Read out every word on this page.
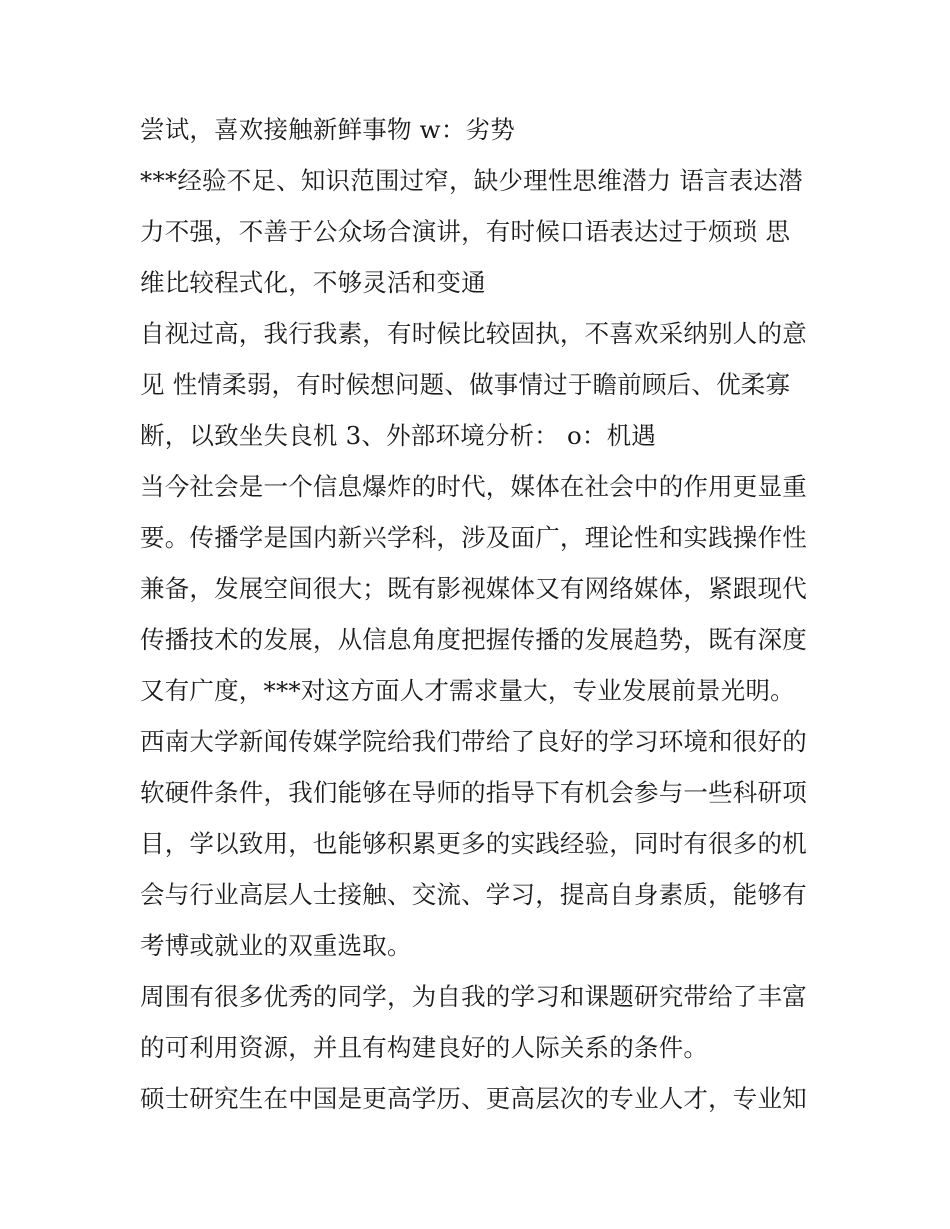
尝试，喜欢接触新鲜事物 w：劣势

***经验不足、知识范围过窄，缺少理性思维潜力 语言表达潜
力不强，不善于公众场合演讲，有时候口语表达过于烦琐 思
维比较程式化，不够灵活和变通

自视过高，我行我素，有时候比较固执，不喜欢采纳别人的意
见 性情柔弱，有时候想问题、做事情过于瞻前顾后、优柔寡
断，以致坐失良机 3、外部环境分析： o：机遇

当今社会是一个信息爆炸的时代，媒体在社会中的作用更显重
要。传播学是国内新兴学科，涉及面广，理论性和实践操作性
兼备，发展空间很大；既有影视媒体又有网络媒体，紧跟现代
传播技术的发展，从信息角度把握传播的发展趋势，既有深度
又有广度，***对这方面人才需求量大，专业发展前景光明。

西南大学新闻传媒学院给我们带给了良好的学习环境和很好的
软硬件条件，我们能够在导师的指导下有机会参与一些科研项
目，学以致用，也能够积累更多的实践经验，同时有很多的机
会与行业高层人士接触、交流、学习，提高自身素质，能够有
考博或就业的双重选取。

周围有很多优秀的同学，为自我的学习和课题研究带给了丰富
的可利用资源，并且有构建良好的人际关系的条件。

硕士研究生在中国是更高学历、更高层次的专业人才，专业知
